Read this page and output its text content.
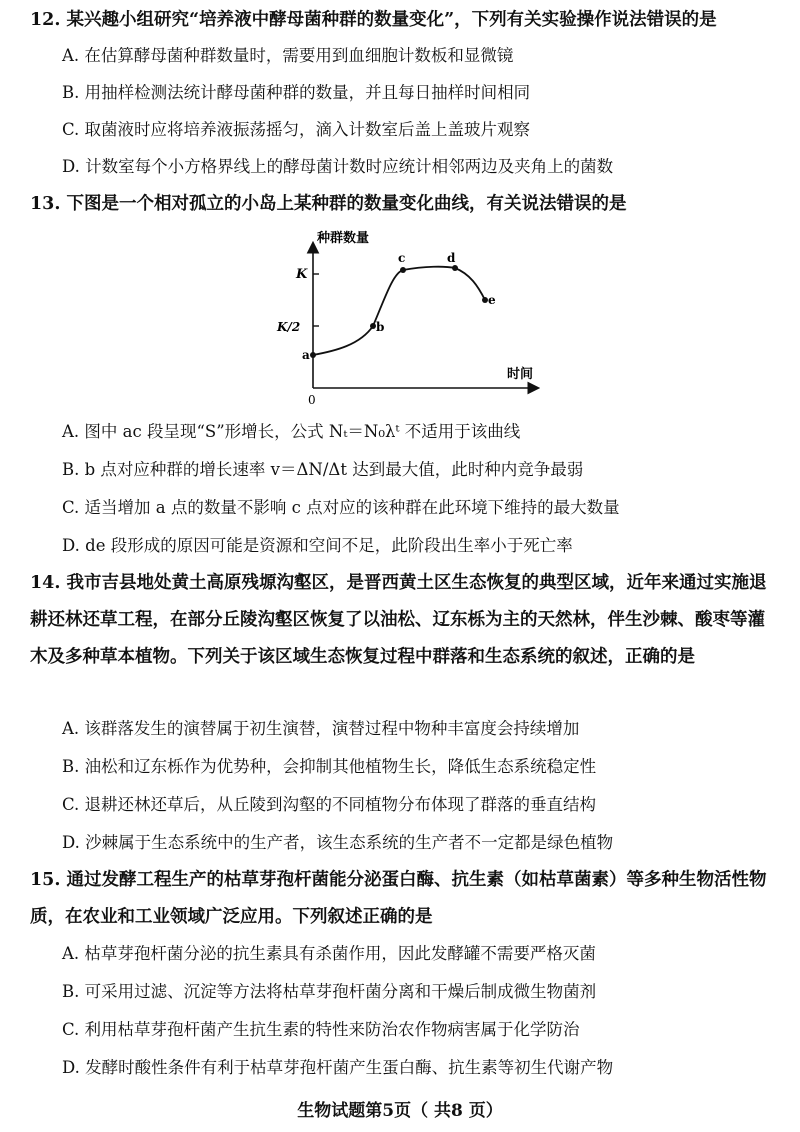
12. 某兴趣小组研究“培养液中酵母菌种群的数量变化”，下列有关实验操作说法错误的是
A. 在估算酵母菌种群数量时，需要用到血细胞计数板和显微镜
B. 用抽样检测法统计酵母菌种群的数量，并且每日抽样时间相同
C. 取菌液时应将培养液振荡摇匀，滴入计数室后盖上盖玻片观察
D. 计数室每个小方格界线上的酵母菌计数时应统计相邻两边及夹角上的菌数
13. 下图是一个相对孤立的小岛上某种群的数量变化曲线，有关说法错误的是
种群数量
时间
0
K
K/2
a
b
c	d
e
A. 图中 ac 段呈现“S”形增长，公式 Nₜ＝N₀λᵗ 不适用于该曲线
B. b 点对应种群的增长速率 v＝ΔN/Δt 达到最大值，此时种内竞争最弱
C. 适当增加 a 点的数量不影响 c 点对应的该种群在此环境下维持的最大数量
D. de 段形成的原因可能是资源和空间不足，此阶段出生率小于死亡率
14. 我市吉县地处黄土高原残塬沟壑区，是晋西黄土区生态恢复的典型区域，近年来通过实施退耕还林还草工程，在部分丘陵沟壑区恢复了以油松、辽东栎为主的天然林，伴生沙棘、酸枣等灌木及多种草本植物。下列关于该区域生态恢复过程中群落和生态系统的叙述，正确的是
A. 该群落发生的演替属于初生演替，演替过程中物种丰富度会持续增加
B. 油松和辽东栎作为优势种，会抑制其他植物生长，降低生态系统稳定性
C. 退耕还林还草后，从丘陵到沟壑的不同植物分布体现了群落的垂直结构
D. 沙棘属于生态系统中的生产者，该生态系统的生产者不一定都是绿色植物
15. 通过发酵工程生产的枯草芽孢杆菌能分泌蛋白酶、抗生素（如枯草菌素）等多种生物活性物质，在农业和工业领域广泛应用。下列叙述正确的是
A. 枯草芽孢杆菌分泌的抗生素具有杀菌作用，因此发酵罐不需要严格灭菌
B. 可采用过滤、沉淀等方法将枯草芽孢杆菌分离和干燥后制成微生物菌剂
C. 利用枯草芽孢杆菌产生抗生素的特性来防治农作物病害属于化学防治
D. 发酵时酸性条件有利于枯草芽孢杆菌产生蛋白酶、抗生素等初生代谢产物
生物试题第5页（ 共8 页）
